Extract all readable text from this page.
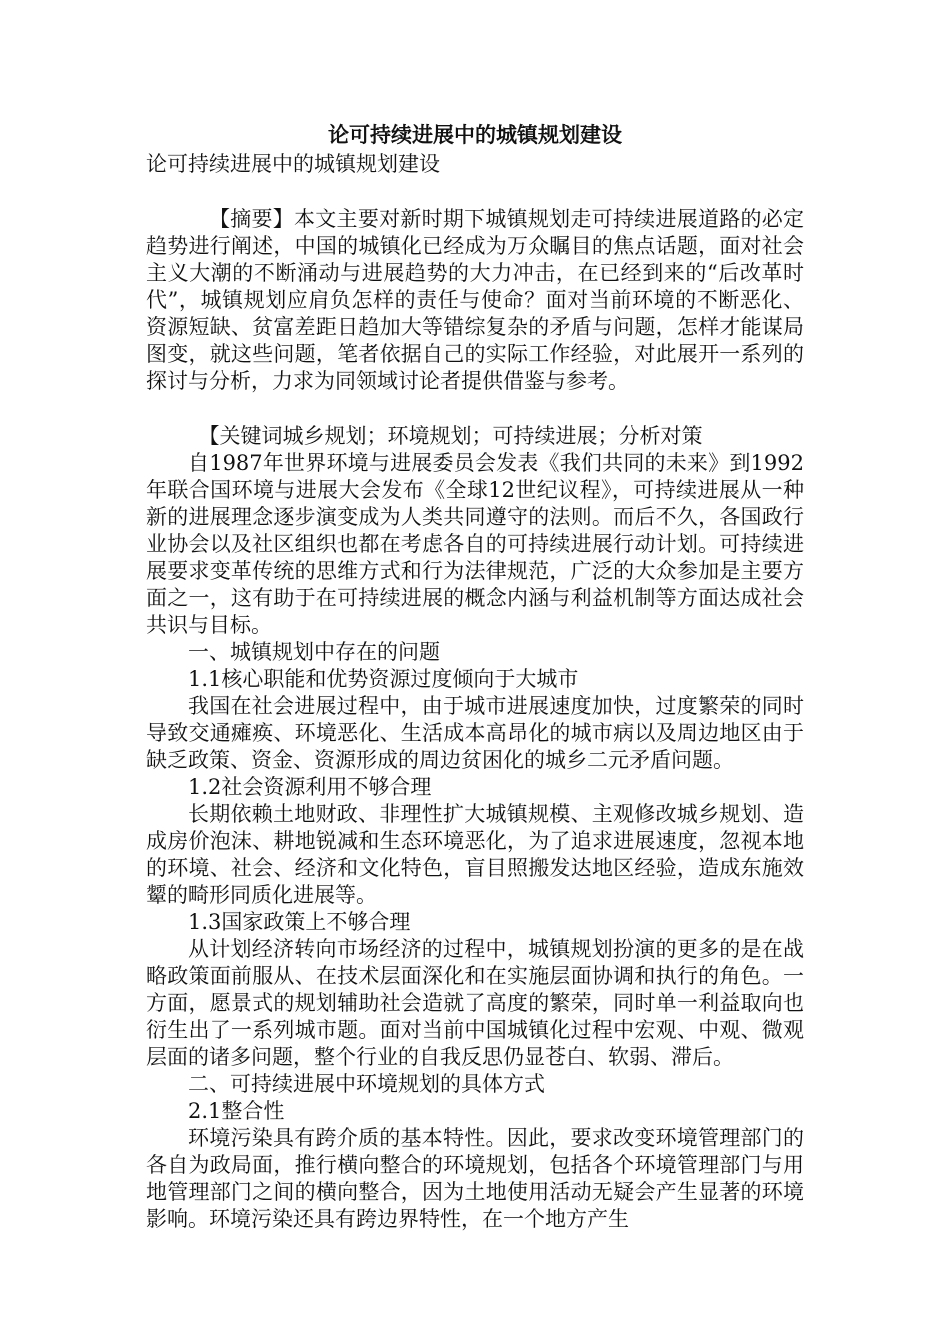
论可持续进展中的城镇规划建设

论可持续进展中的城镇规划建设

【摘要】本文主要对新时期下城镇规划走可持续进展道路的必定趋势进行阐述，中国的城镇化已经成为万众瞩目的焦点话题，面对社会主义大潮的不断涌动与进展趋势的大力冲击，在已经到来的“后改革时代”，城镇规划应肩负怎样的责任与使命？面对当前环境的不断恶化、资源短缺、贫富差距日趋加大等错综复杂的矛盾与问题，怎样才能谋局图变，就这些问题，笔者依据自己的实际工作经验，对此展开一系列的探讨与分析，力求为同领域讨论者提供借鉴与参考。

【关键词城乡规划；环境规划；可持续进展；分析对策

自1987年世界环境与进展委员会发表《我们共同的未来》到1992年联合国环境与进展大会发布《全球12世纪议程》，可持续进展从一种新的进展理念逐步演变成为人类共同遵守的法则。而后不久，各国政行业协会以及社区组织也都在考虑各自的可持续进展行动计划。可持续进展要求变革传统的思维方式和行为法律规范，广泛的大众参加是主要方面之一，这有助于在可持续进展的概念内涵与利益机制等方面达成社会共识与目标。

一、城镇规划中存在的问题

1.1核心职能和优势资源过度倾向于大城市

我国在社会进展过程中，由于城市进展速度加快，过度繁荣的同时导致交通瘫痪、环境恶化、生活成本高昂化的城市病以及周边地区由于缺乏政策、资金、资源形成的周边贫困化的城乡二元矛盾问题。

1.2社会资源利用不够合理

长期依赖土地财政、非理性扩大城镇规模、主观修改城乡规划、造成房价泡沫、耕地锐减和生态环境恶化，为了追求进展速度，忽视本地的环境、社会、经济和文化特色，盲目照搬发达地区经验，造成东施效颦的畸形同质化进展等。

1.3国家政策上不够合理

从计划经济转向市场经济的过程中，城镇规划扮演的更多的是在战略政策面前服从、在技术层面深化和在实施层面协调和执行的角色。一方面，愿景式的规划辅助社会造就了高度的繁荣，同时单一利益取向也衍生出了一系列城市题。面对当前中国城镇化过程中宏观、中观、微观层面的诸多问题，整个行业的自我反思仍显苍白、软弱、滞后。

二、可持续进展中环境规划的具体方式

2.1整合性

环境污染具有跨介质的基本特性。因此，要求改变环境管理部门的各自为政局面，推行横向整合的环境规划，包括各个环境管理部门与用地管理部门之间的横向整合，因为土地使用活动无疑会产生显著的环境影响。环境污染还具有跨边界特性，在一个地方产生
